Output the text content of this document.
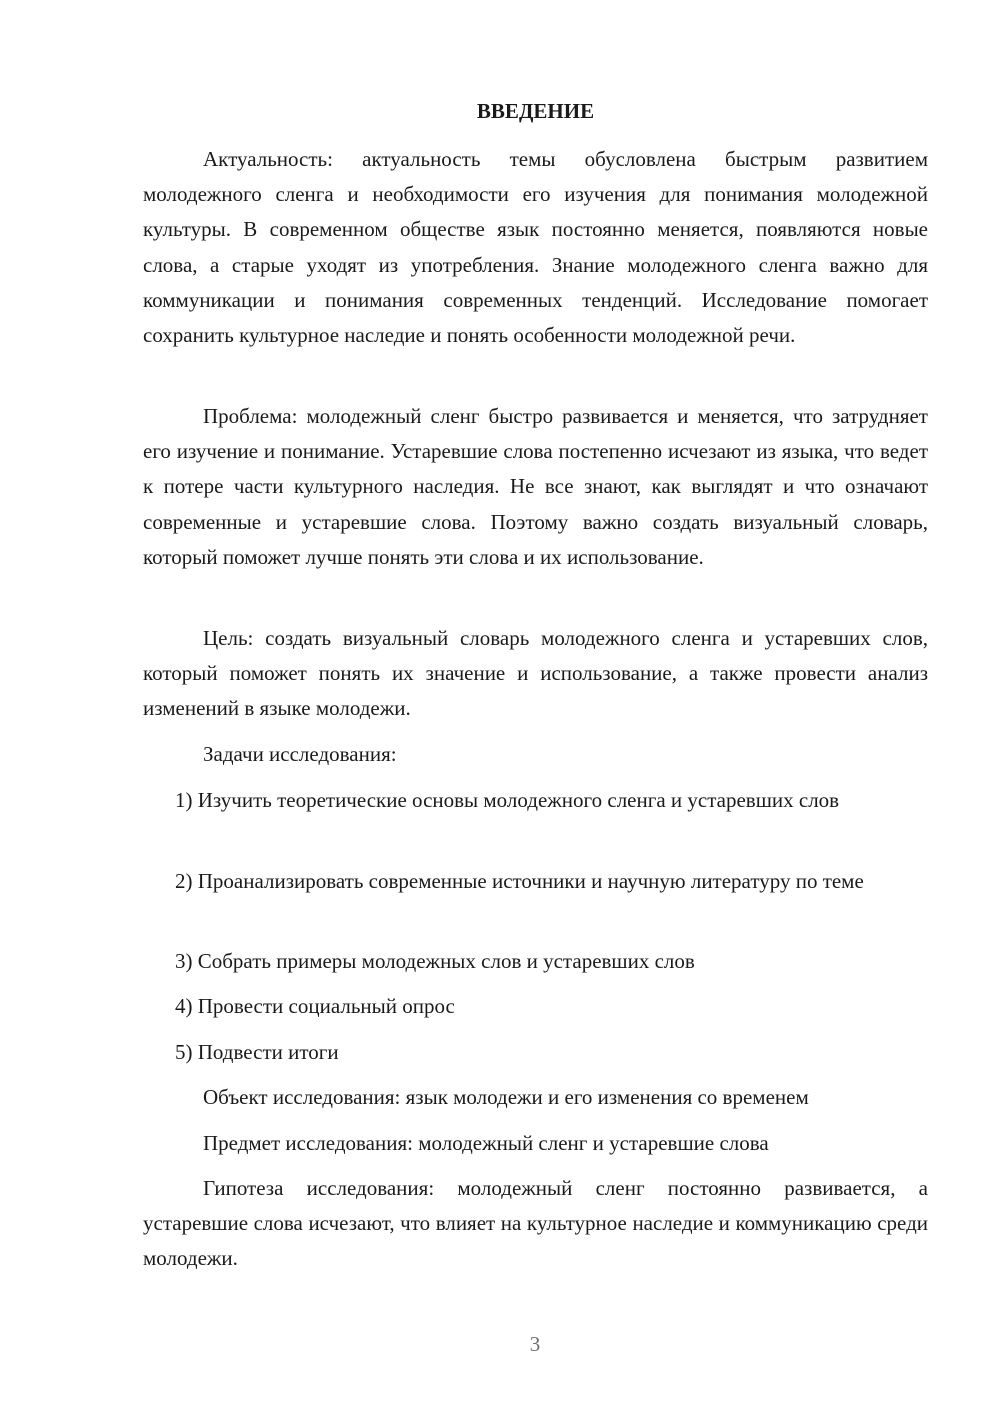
ВВЕДЕНИЕ

Актуальность: актуальность темы обусловлена быстрым развитием молодежного сленга и необходимости его изучения для понимания молодежной культуры. В современном обществе язык постоянно меняется, появляются новые слова, а старые уходят из употребления. Знание молодежного сленга важно для коммуникации и понимания современных тенденций. Исследование помогает сохранить культурное наследие и понять особенности молодежной речи.

Проблема: молодежный сленг быстро развивается и меняется, что затрудняет его изучение и понимание. Устаревшие слова постепенно исчезают из языка, что ведет к потере части культурного наследия. Не все знают, как выглядят и что означают современные и устаревшие слова. Поэтому важно создать визуальный словарь, который поможет лучше понять эти слова и их использование.

Цель: создать визуальный словарь молодежного сленга и устаревших слов, который поможет понять их значение и использование, а также провести анализ изменений в языке молодежи.

Задачи исследования:

1) Изучить теоретические основы молодежного сленга и устаревших слов

2) Проанализировать современные источники и научную литературу по теме

3) Собрать примеры молодежных слов и устаревших слов

4) Провести социальный опрос

5) Подвести итоги

Объект исследования: язык молодежи и его изменения со временем

Предмет исследования: молодежный сленг и устаревшие слова

Гипотеза исследования: молодежный сленг постоянно развивается, а устаревшие слова исчезают, что влияет на культурное наследие и коммуникацию среди молодежи.

3
